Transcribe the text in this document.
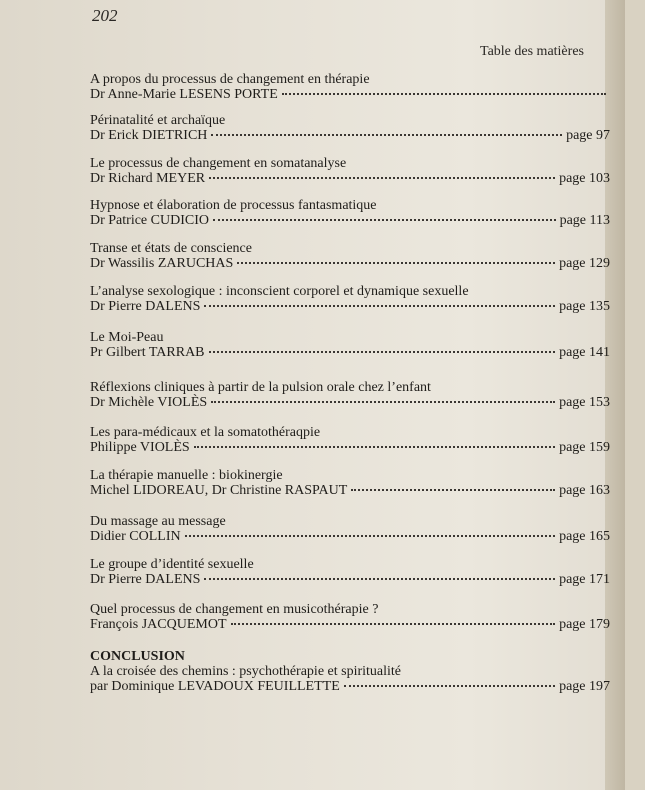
202
Table des matières
A propos du processus de changement en thérapie
Dr Anne-Marie LESENS PORTE
Périnatalité et archaïque
Dr Erick DIETRICH	page 97
Le processus de changement en somatanalyse
Dr Richard MEYER	page 103
Hypnose et élaboration de processus fantasmatique
Dr Patrice CUDICIO	page 113
Transe et états de conscience
Dr Wassilis ZARUCHAS	page 129
L’analyse sexologique : inconscient corporel et dynamique sexuelle
Dr Pierre DALENS	page 135
Le Moi-Peau
Pr Gilbert TARRAB	page 141
Réflexions cliniques à partir de la pulsion orale chez l’enfant
Dr Michèle VIOLÈS	page 153
Les para-médicaux et la somatothéraqpie
Philippe VIOLÈS	page 159
La thérapie manuelle : biokinergie
Michel LIDOREAU, Dr Christine RASPAUT	page 163
Du massage au message
Didier COLLIN	page 165
Le groupe d’identité sexuelle
Dr Pierre DALENS	page 171
Quel processus de changement en musicothérapie ?
François JACQUEMOT	page 179
CONCLUSION
A la croisée des chemins : psychothérapie et spiritualité
par Dominique LEVADOUX FEUILLETTE	page 197
